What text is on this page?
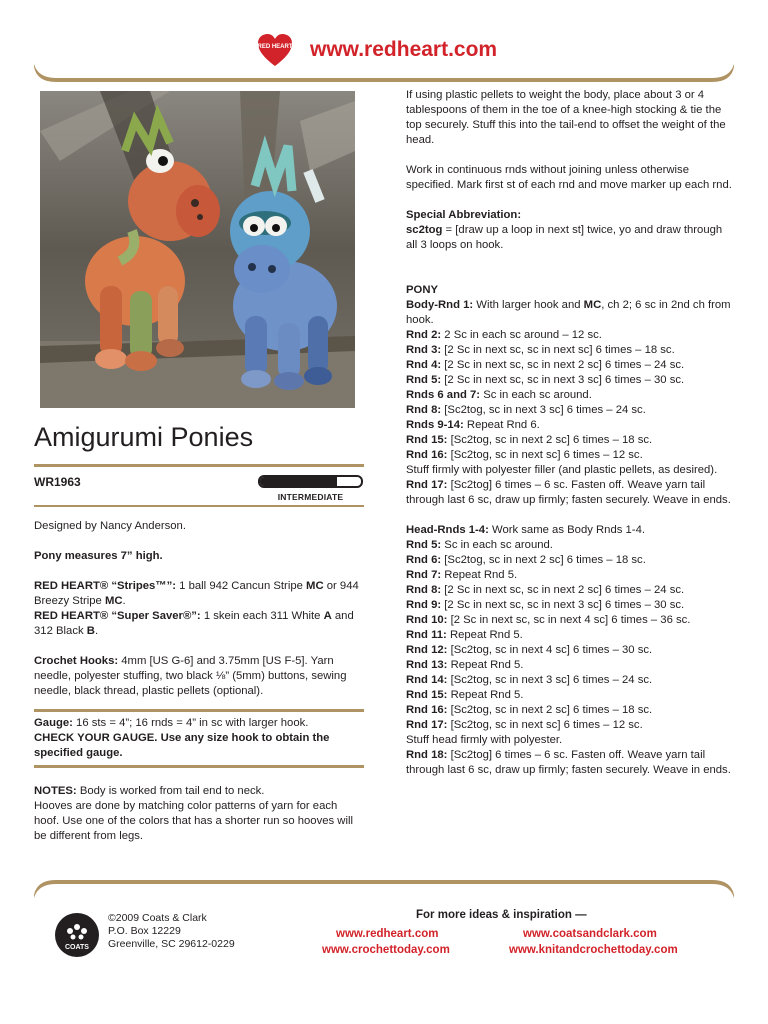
RED HEART www.redheart.com
Amigurumi Ponies
WR1963
INTERMEDIATE

Designed by Nancy Anderson.

Pony measures 7” high.

RED HEART® “Stripes™”: 1 ball 942 Cancun Stripe MC or 944 Breezy Stripe MC.
RED HEART® “Super Saver®”: 1 skein each 311 White A and 312 Black B.

Crochet Hooks: 4mm [US G-6] and 3.75mm [US F-5]. Yarn needle, polyester stuffing, two black ⅛” (5mm) buttons, sewing needle, black thread, plastic pellets (optional).

Gauge: 16 sts = 4”; 16 rnds = 4” in sc with larger hook.
CHECK YOUR GAUGE. Use any size hook to obtain the specified gauge.

NOTES: Body is worked from tail end to neck.
Hooves are done by matching color patterns of yarn for each hoof. Use one of the colors that has a shorter run so hooves will be different from legs.

If using plastic pellets to weight the body, place about 3 or 4 tablespoons of them in the toe of a knee-high stocking & tie the top securely. Stuff this into the tail-end to offset the weight of the head.

Work in continuous rnds without joining unless otherwise specified. Mark first st of each rnd and move marker up each rnd.

Special Abbreviation:
sc2tog = [draw up a loop in next st] twice, yo and draw through all 3 loops on hook.

PONY

Body-Rnd 1: With larger hook and MC, ch 2; 6 sc in 2nd ch from hook.

Rnd 2: 2 Sc in each sc around – 12 sc.

Rnd 3: [2 Sc in next sc, sc in next sc] 6 times – 18 sc.

Rnd 4: [2 Sc in next sc, sc in next 2 sc] 6 times – 24 sc.

Rnd 5: [2 Sc in next sc, sc in next 3 sc] 6 times – 30 sc.

Rnds 6 and 7: Sc in each sc around.

Rnd 8: [Sc2tog, sc in next 3 sc] 6 times – 24 sc.

Rnds 9-14: Repeat Rnd 6.

Rnd 15: [Sc2tog, sc in next 2 sc] 6 times – 18 sc.

Rnd 16: [Sc2tog, sc in next sc] 6 times – 12 sc.

Stuff firmly with polyester filler (and plastic pellets, as desired).

Rnd 17: [Sc2tog] 6 times – 6 sc. Fasten off. Weave yarn tail through last 6 sc, draw up firmly; fasten securely. Weave in ends.

Head-Rnds 1-4: Work same as Body Rnds 1-4.

Rnd 5: Sc in each sc around.

Rnd 6: [Sc2tog, sc in next 2 sc] 6 times – 18 sc.

Rnd 7: Repeat Rnd 5.

Rnd 8: [2 Sc in next sc, sc in next 2 sc] 6 times – 24 sc.

Rnd 9: [2 Sc in next sc, sc in next 3 sc] 6 times – 30 sc.

Rnd 10: [2 Sc in next sc, sc in next 4 sc] 6 times – 36 sc.

Rnd 11: Repeat Rnd 5.

Rnd 12: [Sc2tog, sc in next 4 sc] 6 times – 30 sc.

Rnd 13: Repeat Rnd 5.

Rnd 14: [Sc2tog, sc in next 3 sc] 6 times – 24 sc.

Rnd 15: Repeat Rnd 5.

Rnd 16: [Sc2tog, sc in next 2 sc] 6 times – 18 sc.

Rnd 17: [Sc2tog, sc in next sc] 6 times – 12 sc.

Stuff head firmly with polyester.

Rnd 18: [Sc2tog] 6 times – 6 sc. Fasten off. Weave yarn tail through last 6 sc, draw up firmly; fasten securely. Weave in ends.

COATS
©2009 Coats & Clark
P.O. Box 12229
Greenville, SC 29612-0229
For more ideas & inspiration —
www.redheart.com
www.crochettoday.com
www.coatsandclark.com
www.knitandcrochettoday.com
